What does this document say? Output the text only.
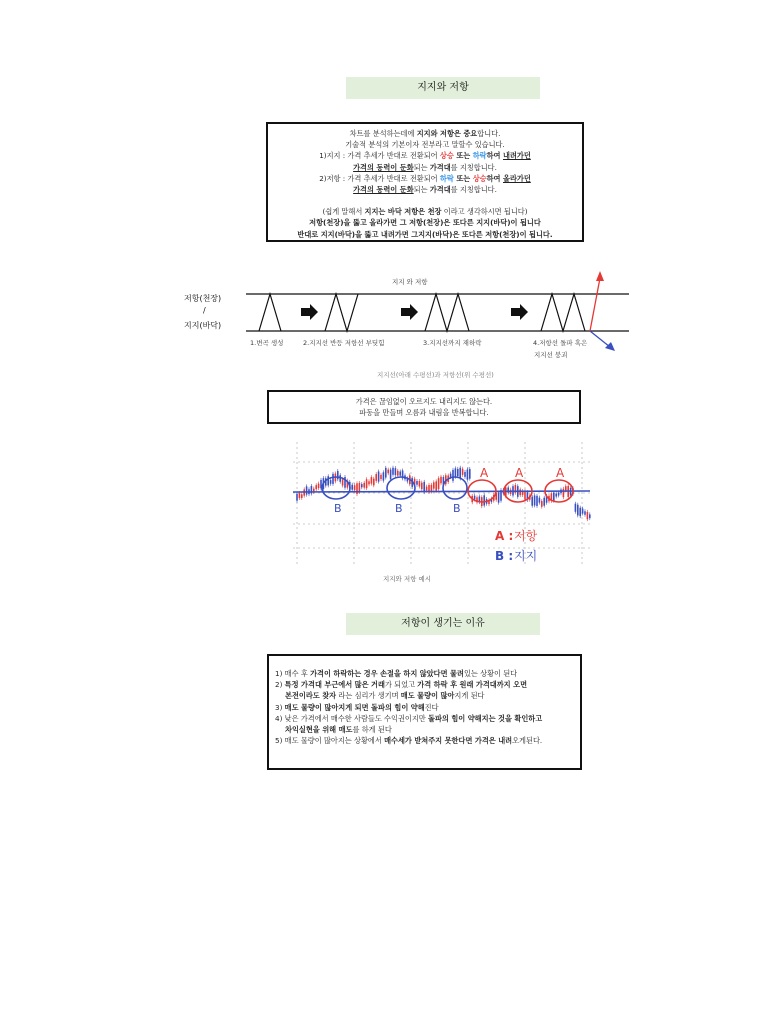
지지와 저항
차트를 분석하는데에 지지와 저항은 중요합니다.
기술적 분석의 기본이자 전부라고 말할수 있습니다.
1)지지 : 가격 추세가 반대로 전환되어 상승 또는 하락하여 내려가던
가격의 동력이 둔화되는 가격대를 지칭합니다.
2)저항 : 가격 추세가 반대로 전환되어 하락 또는 상승하여 올라가던
가격의 동력이 둔화되는 가격대를 지칭합니다.
(쉽게 말해서 지지는 바닥 저항은 천장 이라고 생각하시면 됩니다)
저항(천장)을 뚫고 올라가면 그 저항(천장)은 또다른 지지(바닥)이 됩니다
반대로 지지(바닥)을 뚫고 내려가면 그지지(바닥)은 또다른 저항(천장)이 됩니다.
지지 와 저항
저항(천장)
/
지지(바닥)
1.변곡 생성	2.지지선 반등 저항선 부딪힘	3.지지선까지 재하락	4.저항선 돌파 혹은
지지선 붕괴
지지선(아래 수평선)과 저항선(위 수평선)
가격은 끊임없이 오르지도 내리지도 않는다.
파동을 만들며 오름과 내림을 반복합니다.
A A	A
B	B	B
A : 저항
B : 지지
지지와 저항 예시
저항이 생기는 이유

1) 매수 후 가격이 하락하는 경우 손절을 하지 않았다면 물려있는 상황이 된다

2) 특정 가격대 부근에서 많은 거래가 되었고 가격 하락 후 원래 가격대까지 오면

본전이라도 찾자 라는 심리가 생기며 매도 물량이 많아지게 된다

3) 매도 물량이 많아지게 되면 돌파의 힘이 약해진다

4) 낮은 가격에서 매수한 사람들도 수익권이지만 돌파의 힘이 약해지는 것을 확인하고

차익실현을 위해 매도를 하게 된다

5) 매도 물량이 많아지는 상황에서 매수세가 받쳐주지 못한다면 가격은 내려오게된다.
